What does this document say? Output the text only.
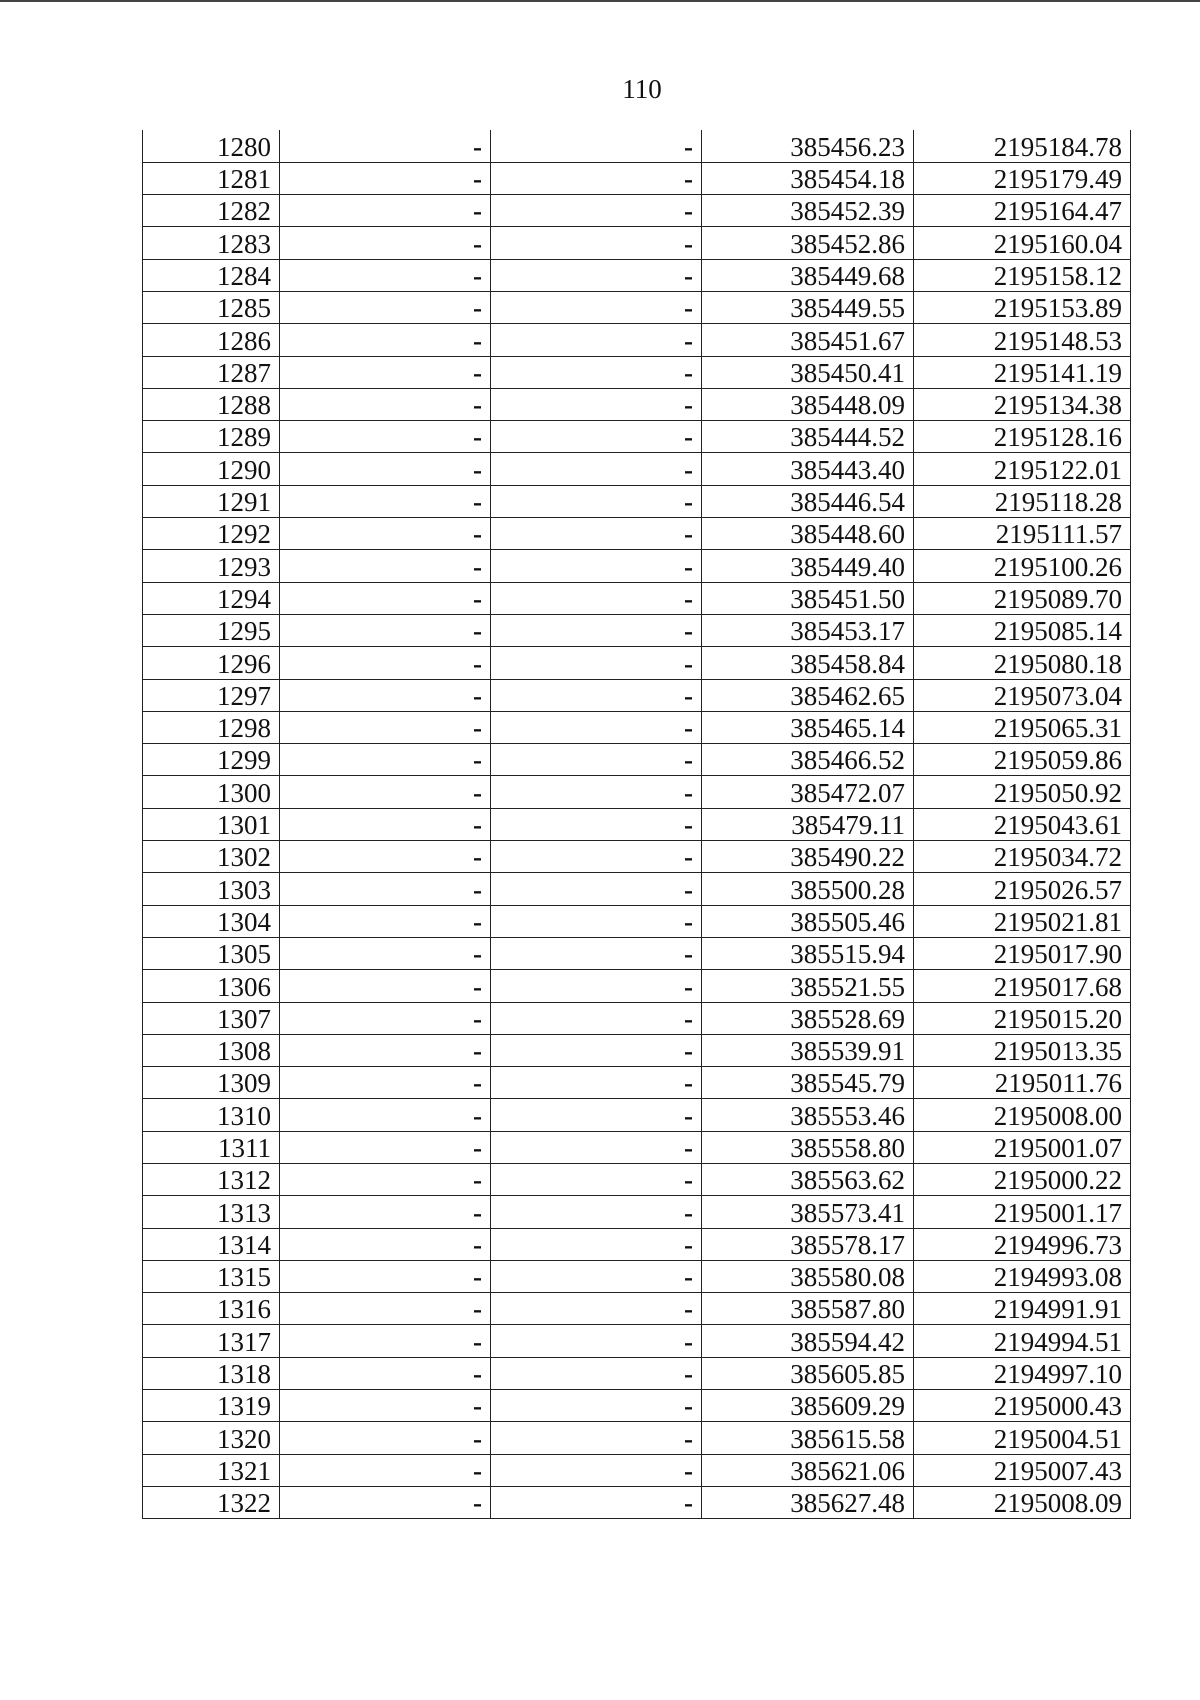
110
1280	-	-	385456.23	2195184.78
1281	-	-	385454.18	2195179.49
1282	-	-	385452.39	2195164.47
1283	-	-	385452.86	2195160.04
1284	-	-	385449.68	2195158.12
1285	-	-	385449.55	2195153.89
1286	-	-	385451.67	2195148.53
1287	-	-	385450.41	2195141.19
1288	-	-	385448.09	2195134.38
1289	-	-	385444.52	2195128.16
1290	-	-	385443.40	2195122.01
1291	-	-	385446.54	2195118.28
1292	-	-	385448.60	2195111.57
1293	-	-	385449.40	2195100.26
1294	-	-	385451.50	2195089.70
1295	-	-	385453.17	2195085.14
1296	-	-	385458.84	2195080.18
1297	-	-	385462.65	2195073.04
1298	-	-	385465.14	2195065.31
1299	-	-	385466.52	2195059.86
1300	-	-	385472.07	2195050.92
1301	-	-	385479.11	2195043.61
1302	-	-	385490.22	2195034.72
1303	-	-	385500.28	2195026.57
1304	-	-	385505.46	2195021.81
1305	-	-	385515.94	2195017.90
1306	-	-	385521.55	2195017.68
1307	-	-	385528.69	2195015.20
1308	-	-	385539.91	2195013.35
1309	-	-	385545.79	2195011.76
1310	-	-	385553.46	2195008.00
1311	-	-	385558.80	2195001.07
1312	-	-	385563.62	2195000.22
1313	-	-	385573.41	2195001.17
1314	-	-	385578.17	2194996.73
1315	-	-	385580.08	2194993.08
1316	-	-	385587.80	2194991.91
1317	-	-	385594.42	2194994.51
1318	-	-	385605.85	2194997.10
1319	-	-	385609.29	2195000.43
1320	-	-	385615.58	2195004.51
1321	-	-	385621.06	2195007.43
1322	-	-	385627.48	2195008.09
